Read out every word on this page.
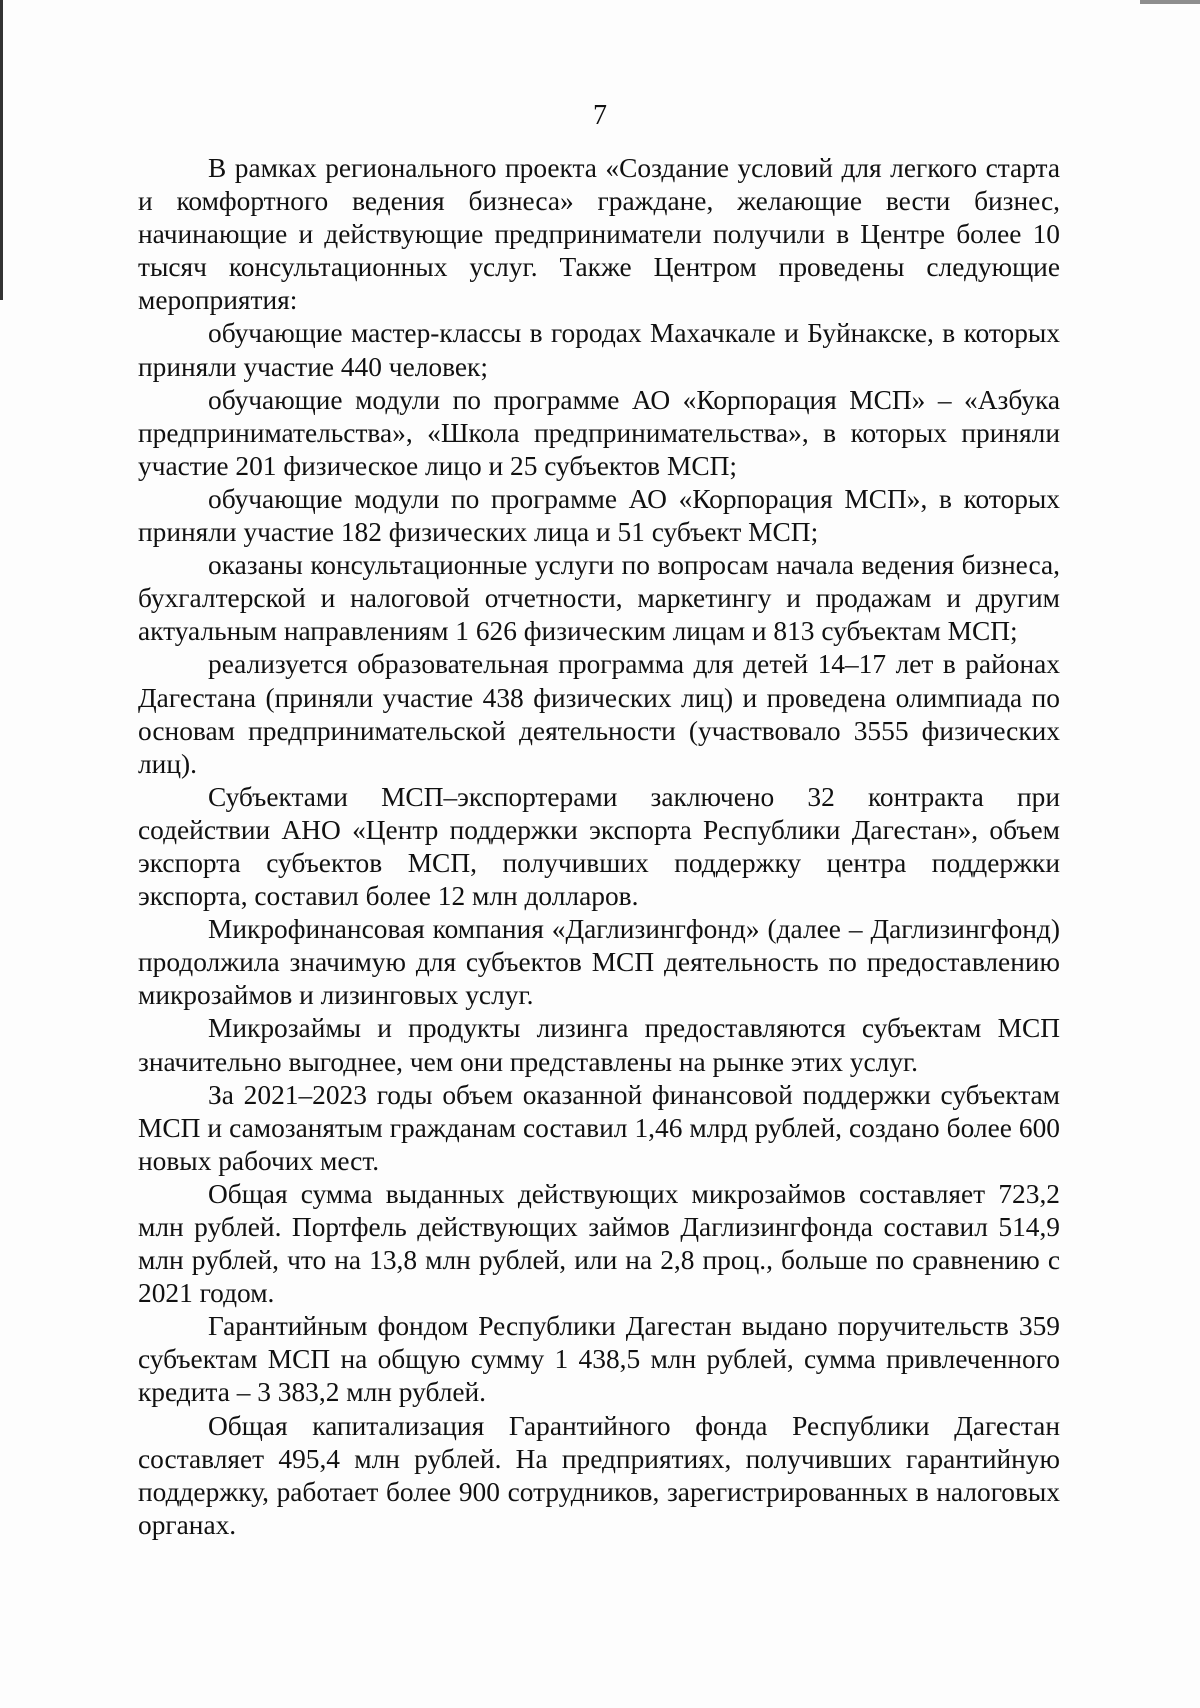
7

В рамках регионального проекта «Создание условий для легкого старта и комфортного ведения бизнеса» граждане, желающие вести бизнес, начинающие и действующие предприниматели получили в Центре более 10 тысяч консультационных услуг. Также Центром проведены следующие мероприятия:

обучающие мастер-классы в городах Махачкале и Буйнакске, в которых приняли участие 440 человек;

обучающие модули по программе АО «Корпорация МСП» – «Азбука предпринимательства», «Школа предпринимательства», в которых приняли участие 201 физическое лицо и 25 субъектов МСП;

обучающие модули по программе АО «Корпорация МСП», в которых приняли участие 182 физических лица и 51 субъект МСП;

оказаны консультационные услуги по вопросам начала ведения бизнеса, бухгалтерской и налоговой отчетности, маркетингу и продажам и другим актуальным направлениям 1 626 физическим лицам и 813 субъектам МСП;

реализуется образовательная программа для детей 14–17 лет в районах Дагестана (приняли участие 438 физических лиц) и проведена олимпиада по основам предпринимательской деятельности (участвовало 3555 физических лиц).

Субъектами МСП–экспортерами заключено 32 контракта при содействии АНО «Центр поддержки экспорта Республики Дагестан», объем экспорта субъектов МСП, получивших поддержку центра поддержки экспорта, составил более 12 млн долларов.

Микрофинансовая компания «Даглизингфонд» (далее – Даглизингфонд) продолжила значимую для субъектов МСП деятельность по предоставлению микрозаймов и лизинговых услуг.

Микрозаймы и продукты лизинга предоставляются субъектам МСП значительно выгоднее, чем они представлены на рынке этих услуг.

За 2021–2023 годы объем оказанной финансовой поддержки субъектам МСП и самозанятым гражданам составил 1,46 млрд рублей, создано более 600 новых рабочих мест.

Общая сумма выданных действующих микрозаймов составляет 723,2 млн рублей. Портфель действующих займов Даглизингфонда составил 514,9 млн рублей, что на 13,8 млн рублей, или на 2,8 проц., больше по сравнению с 2021 годом.

Гарантийным фондом Республики Дагестан выдано поручительств 359 субъектам МСП на общую сумму 1 438,5 млн рублей, сумма привлеченного кредита – 3 383,2 млн рублей.

Общая капитализация Гарантийного фонда Республики Дагестан составляет 495,4 млн рублей. На предприятиях, получивших гарантийную поддержку, работает более 900 сотрудников, зарегистрированных в налоговых органах.
